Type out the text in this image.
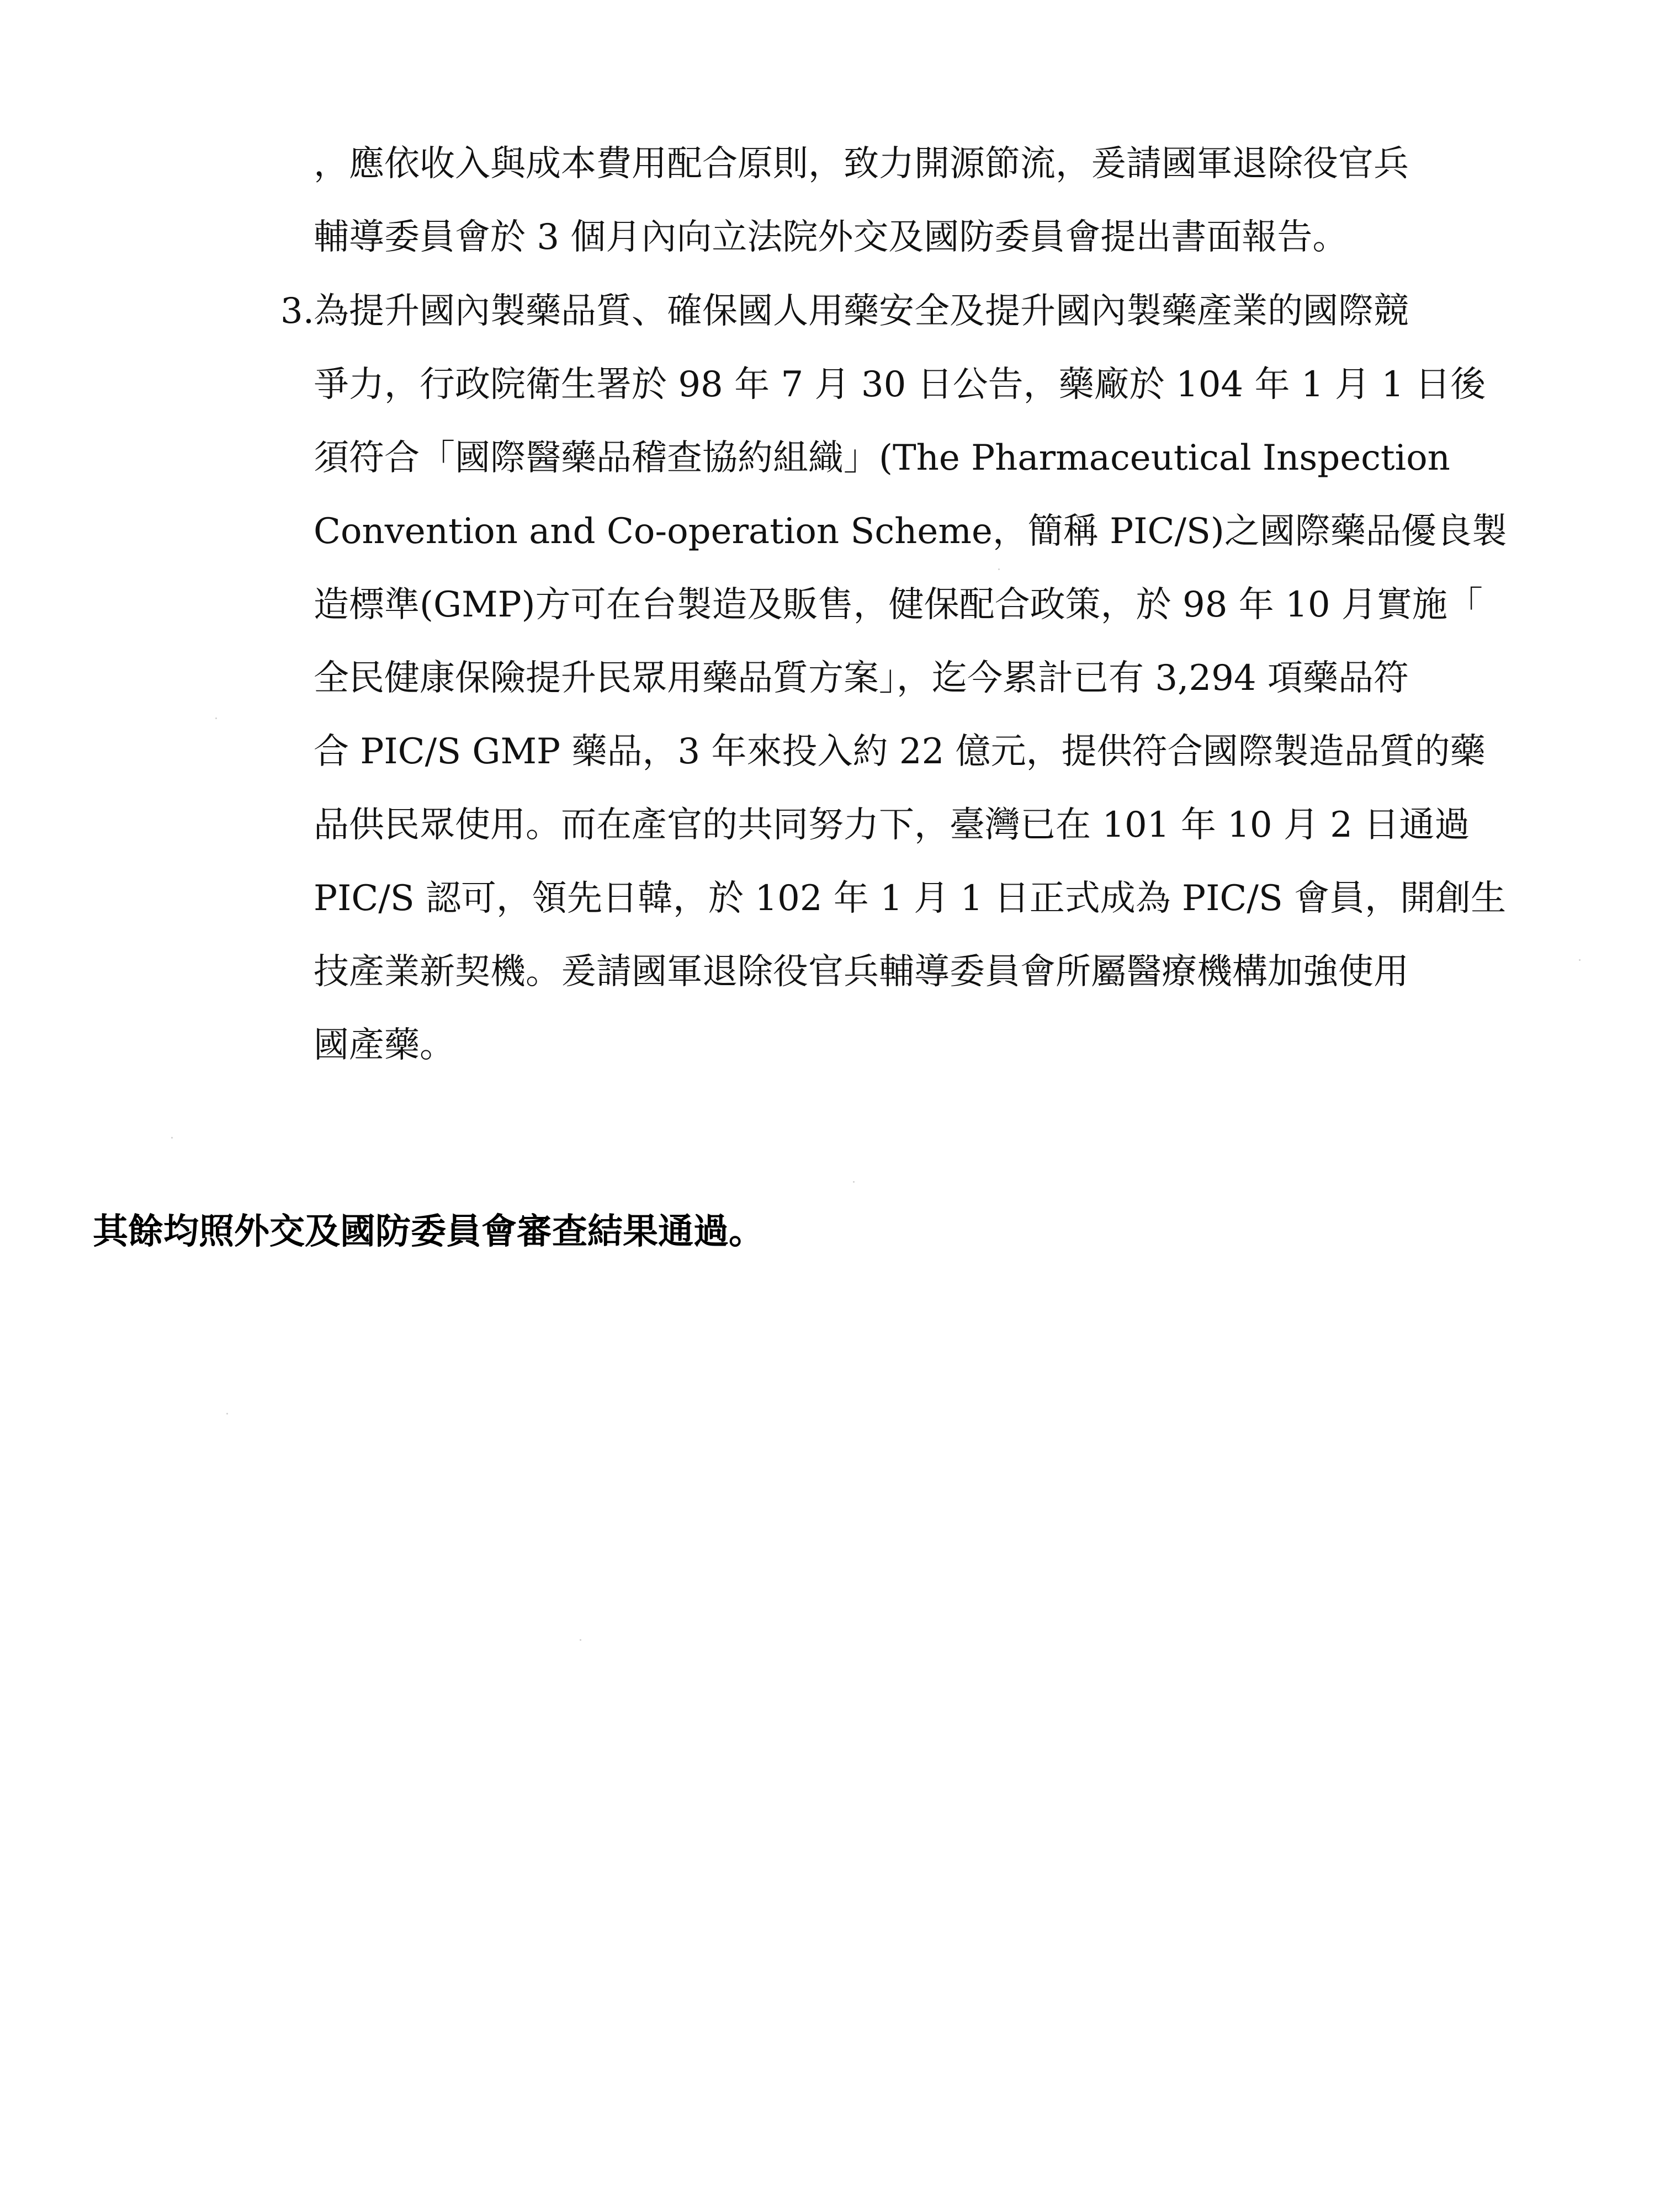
，應依收入與成本費用配合原則，致力開源節流，爰請國軍退除役官兵
輔導委員會於 3 個月內向立法院外交及國防委員會提出書面報告。
3.
為提升國內製藥品質、確保國人用藥安全及提升國內製藥產業的國際競
爭力，行政院衛生署於 98 年 7 月 30 日公告，藥廠於 104 年 1 月 1 日後
須符合「國際醫藥品稽查協約組織」(The Pharmaceutical Inspection
Convention and Co-operation Scheme，簡稱 PIC/S)之國際藥品優良製
造標準(GMP)方可在台製造及販售，健保配合政策，於 98 年 10 月實施「
全民健康保險提升民眾用藥品質方案」，迄今累計已有 3,294 項藥品符
合 PIC/S GMP 藥品，3 年來投入約 22 億元，提供符合國際製造品質的藥
品供民眾使用。而在產官的共同努力下，臺灣已在 101 年 10 月 2 日通過
PIC/S 認可，領先日韓，於 102 年 1 月 1 日正式成為 PIC/S 會員，開創生
技產業新契機。爰請國軍退除役官兵輔導委員會所屬醫療機構加強使用
國產藥。
其餘均照外交及國防委員會審查結果通過。
